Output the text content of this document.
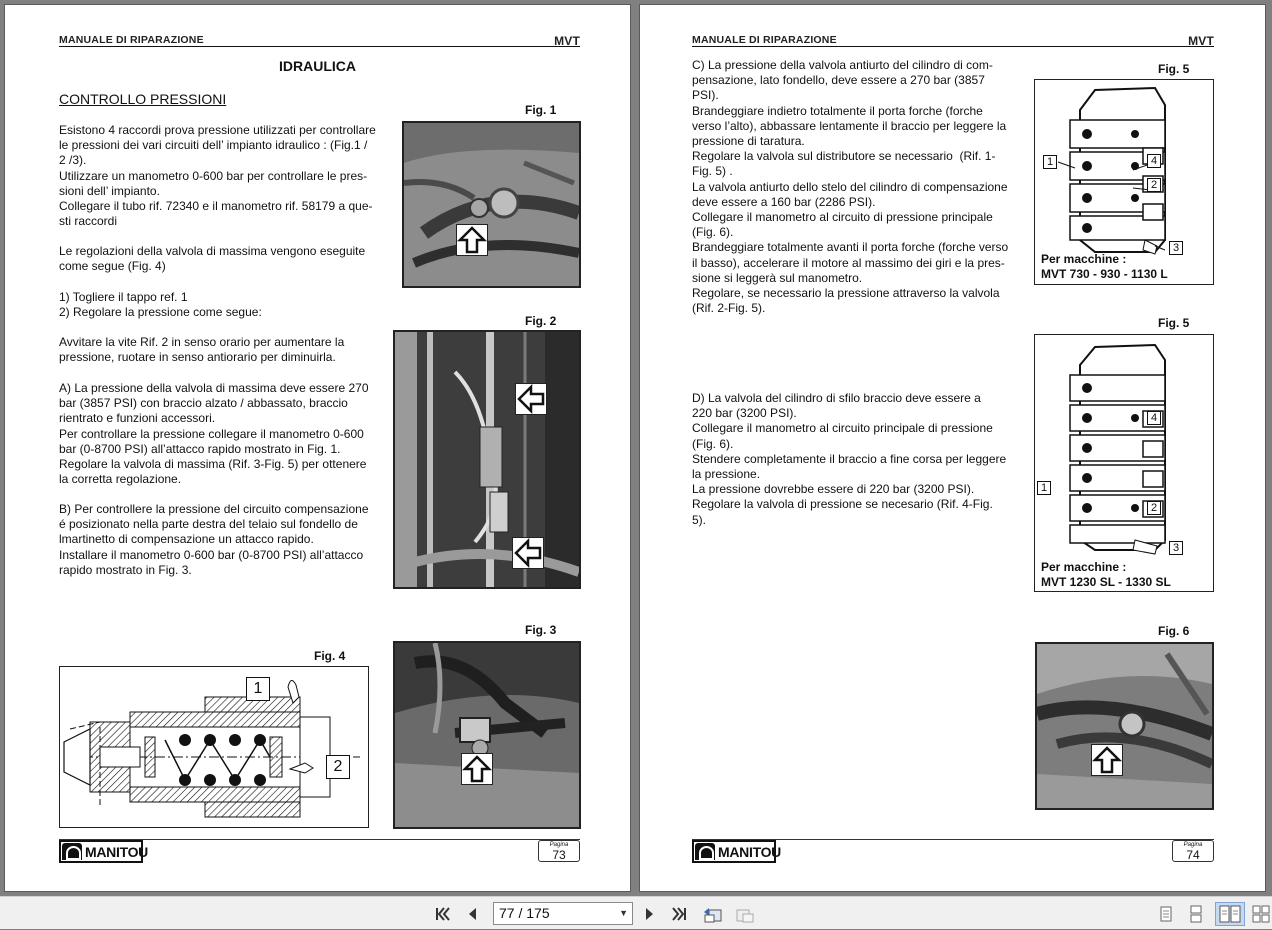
MANUALE DI RIPARAZIONE	MVT
IDRAULICA
CONTROLLO PRESSIONI
Esistono 4 raccordi prova pressione utilizzati per controllare
le pressioni dei vari circuiti dell’ impianto idraulico : (Fig.1 /
2 /3).
Utilizzare un manometro 0-600 bar per controllare le pres-
sioni dell’ impianto.
Collegare il tubo rif. 72340 e il manometro rif. 58179 a que-
sti raccordi
Le regolazioni della valvola di massima vengono eseguite
come segue (Fig. 4)
1) Togliere il tappo ref. 1
2) Regolare la pressione come segue:
Avvitare la vite Rif. 2 in senso orario per aumentare la
pressione, ruotare in senso antiorario per diminuirla.
A) La pressione della valvola di massima deve essere 270
bar (3857 PSI) con braccio alzato / abbassato, braccio
rientrato e funzioni accessori.
Per controllare la pressione collegare il manometro 0-600
bar (0-8700 PSI) all’attacco rapido mostrato in Fig. 1.
Regolare la valvola di massima (Rif. 3-Fig. 5) per ottenere
la corretta regolazione.
B) Per controllere la pressione del circuito compensazione
é posizionato nella parte destra del telaio sul fondello de
lmartinetto di compensazione un attacco rapido.
Installare il manometro 0-600 bar (0-8700 PSI) all’attacco
rapido mostrato in Fig. 3.
Fig. 1
Fig. 2
Fig. 3
Fig. 4
1
2
MANITOU	Pagina
73
MANUALE DI RIPARAZIONE	MVT
C) La pressione della valvola antiurto del cilindro di com-
pensazione, lato fondello, deve essere a 270 bar (3857
PSI).
Brandeggiare indietro totalmente il porta forche (forche
verso l’alto), abbassare lentamente il braccio per leggere la
pressione di taratura.
Regolare la valvola sul distributore se necessario  (Rif. 1-
Fig. 5) .
La valvola antiurto dello stelo del cilindro di compensazione
deve essere a 160 bar (2286 PSI).
Collegare il manometro al circuito di pressione principale
(Fig. 6).
Brandeggiare totalmente avanti il porta forche (forche verso
il basso), accelerare il motore al massimo dei giri e la pres-
sione si leggerà sul manometro.
Regolare, se necessario la pressione attraverso la valvola
(Rif. 2-Fig. 5).
D) La valvola del cilindro di sfilo braccio deve essere a
220 bar (3200 PSI).
Collegare il manometro al circuito principale di pressione
(Fig. 6).
Stendere completamente il braccio a fine corsa per leggere
la pressione.
La pressione dovrebbe essere di 220 bar (3200 PSI).
Regolare la valvola di pressione se necesario (Rif. 4-Fig.
5).
Fig. 5
1	4
2
3
Per macchine :
MVT 730 - 930 - 1130 L
Fig. 5
4
1
2
3
Per macchine :
MVT 1230 SL - 1330 SL
Fig. 6
MANITOU	Pagina
74
77 / 175	▼
